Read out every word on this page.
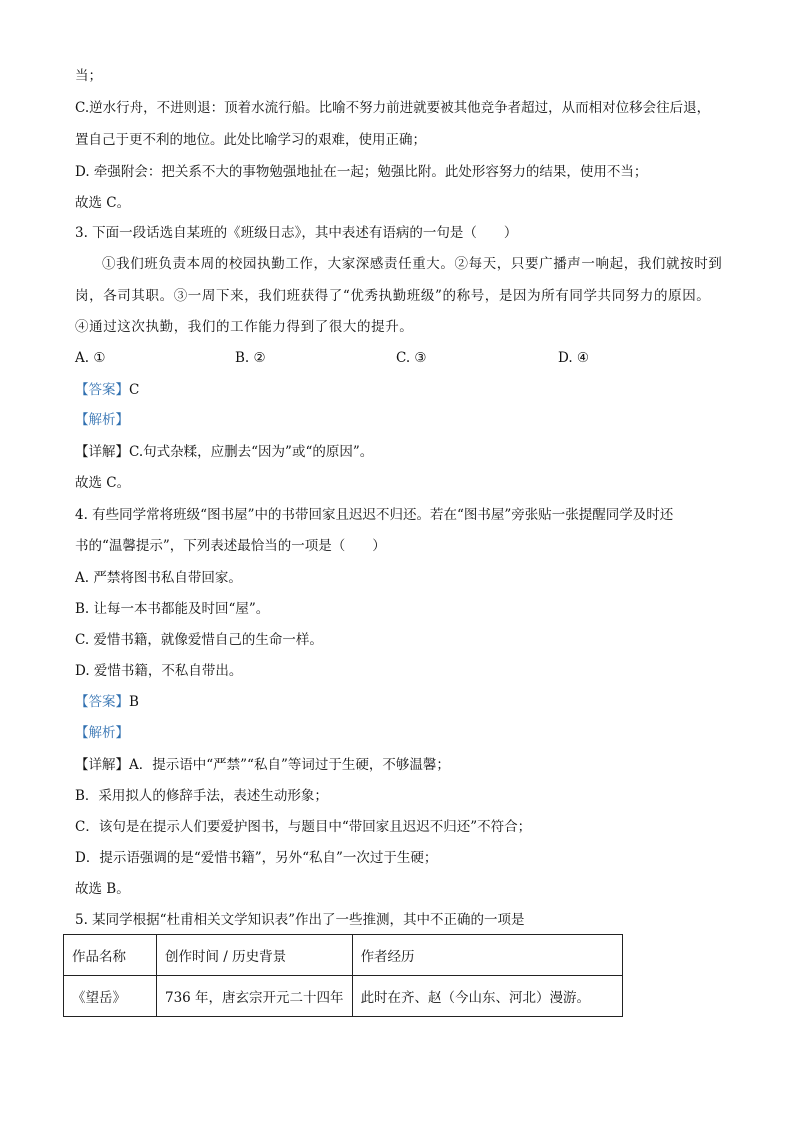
当；
C.逆水行舟，不进则退：顶着水流行船。比喻不努力前进就要被其他竞争者超过，从而相对位移会往后退，
置自己于更不利的地位。此处比喻学习的艰难，使用正确；
D. 牵强附会：把关系不大的事物勉强地扯在一起；勉强比附。此处形容努力的结果，使用不当；
故选 C。
3. 下面一段话选自某班的《班级日志》，其中表述有语病的一句是（　　）
①我们班负责本周的校园执勤工作，大家深感责任重大。②每天，只要广播声一响起，我们就按时到
岗，各司其职。③一周下来，我们班获得了“优秀执勤班级”的称号，是因为所有同学共同努力的原因。
④通过这次执勤，我们的工作能力得到了很大的提升。
A. ①	B. ②	C. ③	D. ④
【答案】C
【解析】
【详解】C.句式杂糅，应删去“因为”或“的原因”。
故选 C。
4. 有些同学常将班级“图书屋”中的书带回家且迟迟不归还。若在“图书屋”旁张贴一张提醒同学及时还
书的“温馨提示”，下列表述最恰当的一项是（　　）
A. 严禁将图书私自带回家。
B. 让每一本书都能及时回“屋”。
C. 爱惜书籍，就像爱惜自己的生命一样。
D. 爱惜书籍，不私自带出。
【答案】B
【解析】
【详解】A．提示语中“严禁”“私自”等词过于生硬，不够温馨；
B．采用拟人的修辞手法，表述生动形象；
C．该句是在提示人们要爱护图书，与题目中“带回家且迟迟不归还”不符合；
D．提示语强调的是“爱惜书籍”，另外“私自”一次过于生硬；
故选 B。
5. 某同学根据“杜甫相关文学知识表”作出了一些推测，其中不正确的一项是
作品名称	创作时间 / 历史背景	作者经历
《望岳》	736 年，唐玄宗开元二十四年	此时在齐、赵（今山东、河北）漫游。
